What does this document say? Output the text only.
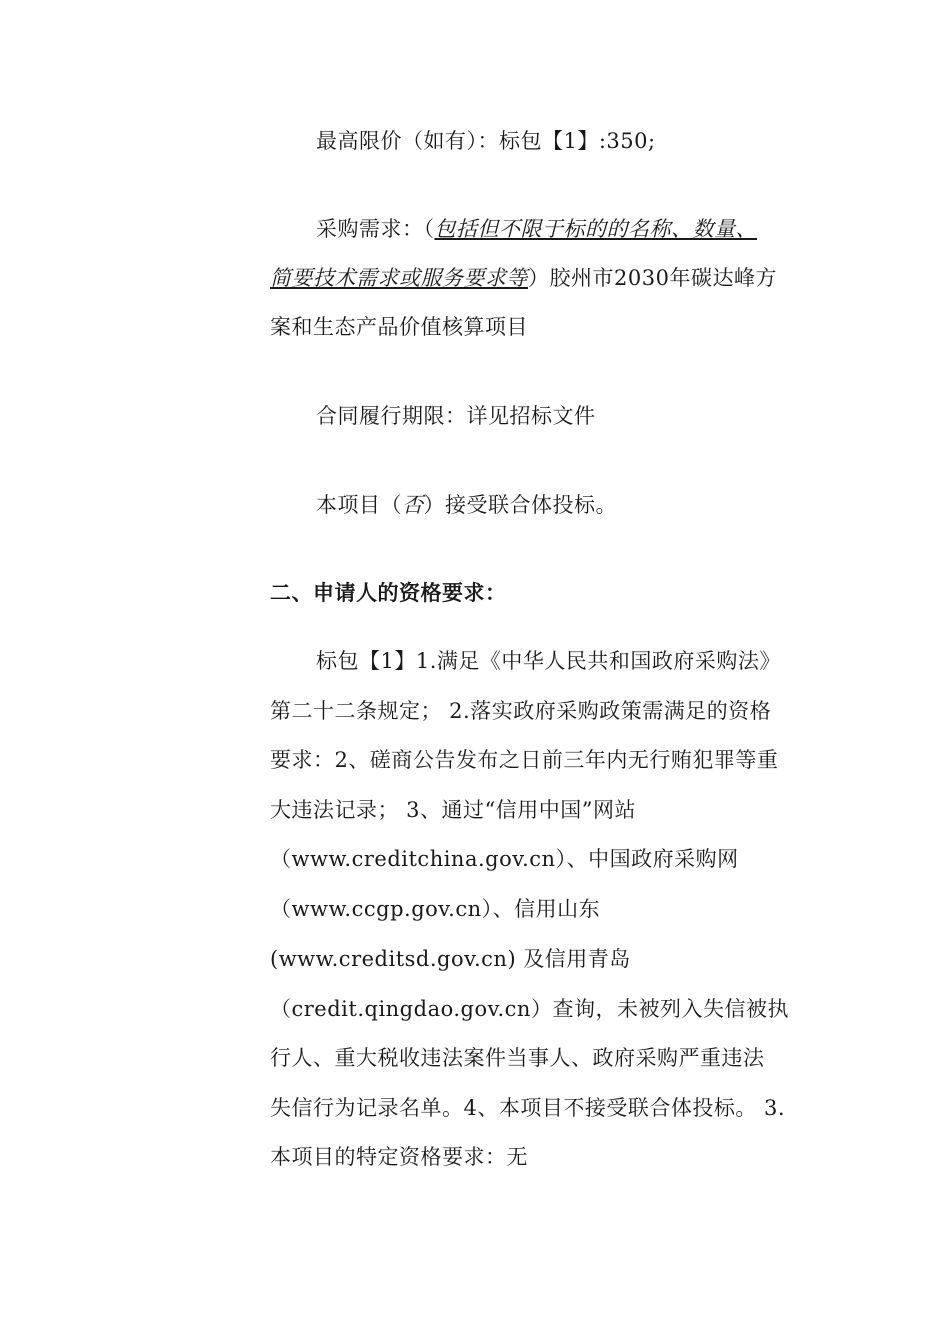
最高限价（如有）：标包【1】:350;
采购需求：（包括但不限于标的的名称、数量、
简要技术需求或服务要求等）胶州市2030年碳达峰方
案和生态产品价值核算项目
合同履行期限：详见招标文件
本项目（否）接受联合体投标。
二、申请人的资格要求：
标包【1】1.满足《中华人民共和国政府采购法》
第二十二条规定； 2.落实政府采购政策需满足的资格
要求：2、磋商公告发布之日前三年内无行贿犯罪等重
大违法记录； 3、通过“信用中国”网站
（www.creditchina.gov.cn）、中国政府采购网
（www.ccgp.gov.cn）、信用山东
(www.creditsd.gov.cn) 及信用青岛
（credit.qingdao.gov.cn）查询，未被列入失信被执
行人、重大税收违法案件当事人、政府采购严重违法
失信行为记录名单。4、本项目不接受联合体投标。 3.
本项目的特定资格要求：无
